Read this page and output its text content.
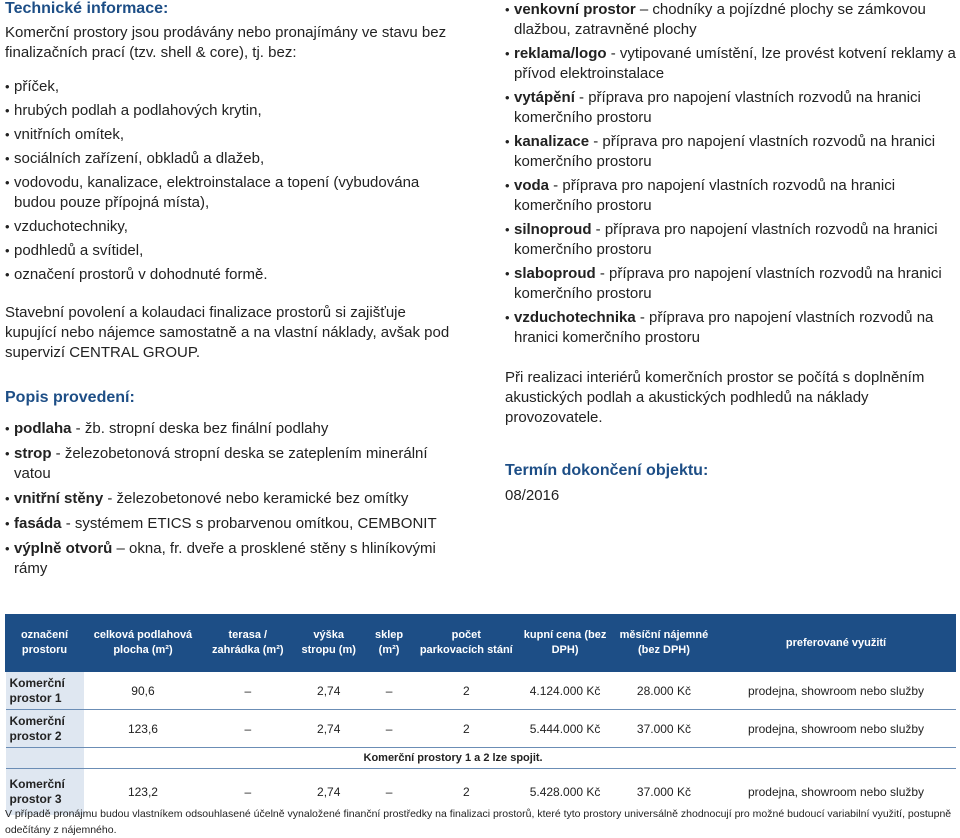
Technické informace:

Komerční prostory jsou prodávány nebo pronajímány ve stavu bez finalizačních prací (tzv. shell & core), tj. bez:

• příček,
• hrubých podlah a podlahových krytin,
• vnitřních omítek,
• sociálních zařízení, obkladů a dlažeb,
• vodovodu, kanalizace, elektroinstalace a topení (vybudována budou pouze přípojná místa),
• vzduchotechniky,
• podhledů a svítidel,
• označení prostorů v dohodnuté formě.

Stavební povolení a kolaudaci finalizace prostorů si zajišťuje kupující nebo nájemce samostatně a na vlastní náklady, avšak pod supervizí CENTRAL GROUP.

Popis provedení:
• podlaha - žb. stropní deska bez finální podlahy
• strop - železobetonová stropní deska se zateplením minerální vatou
• vnitřní stěny - železobetonové nebo keramické bez omítky
• fasáda - systémem ETICS s probarvenou omítkou, CEMBONIT
• výplně otvorů – okna, fr. dveře a prosklené stěny s hliníkovými rámy
• venkovní prostor – chodníky a pojízdné plochy se zámkovou dlažbou, zatravněné plochy
• reklama/logo - vytipované umístění, lze provést kotvení reklamy a přívod elektroinstalace
• vytápění - příprava pro napojení vlastních rozvodů na hranici komerčního prostoru
• kanalizace - příprava pro napojení vlastních rozvodů na hranici komerčního prostoru
• voda - příprava pro napojení vlastních rozvodů na hranici komerčního prostoru
• silnoproud - příprava pro napojení vlastních rozvodů na hranici komerčního prostoru
• slaboproud - příprava pro napojení vlastních rozvodů na hranici komerčního prostoru
• vzduchotechnika - příprava pro napojení vlastních rozvodů na hranici komerčního prostoru

Při realizaci interiérů komerčních prostor se počítá s doplněním akustických podlah a akustických podhledů na náklady provozovatele.

Termín dokončení objektu:

08/2016

označení prostoru	celková podlahová plocha (m²)	terasa / zahrádka (m²)	výška stropu (m)	sklep (m²)	počet parkovacích stání	kupní cena (bez DPH)	měsíční nájemné (bez DPH)	preferované využití
Komerční prostor 1	90,6	–	2,74	–	2	4.124.000 Kč	28.000 Kč	prodejna, showroom nebo služby
Komerční prostor 2	123,6	–	2,74	–	2	5.444.000 Kč	37.000 Kč	prodejna, showroom nebo služby
	Komerční prostory 1 a 2 lze spojit.							
Komerční prostor 3	123,2	–	2,74	–	2	5.428.000 Kč	37.000 Kč	prodejna, showroom nebo služby

V případě pronájmu budou vlastníkem odsouhlasené účelně vynaložené finanční prostředky na finalizaci prostorů, které tyto prostory universálně zhodnocují pro možné budoucí variabilní využití, postupně odečítány z nájemného.
